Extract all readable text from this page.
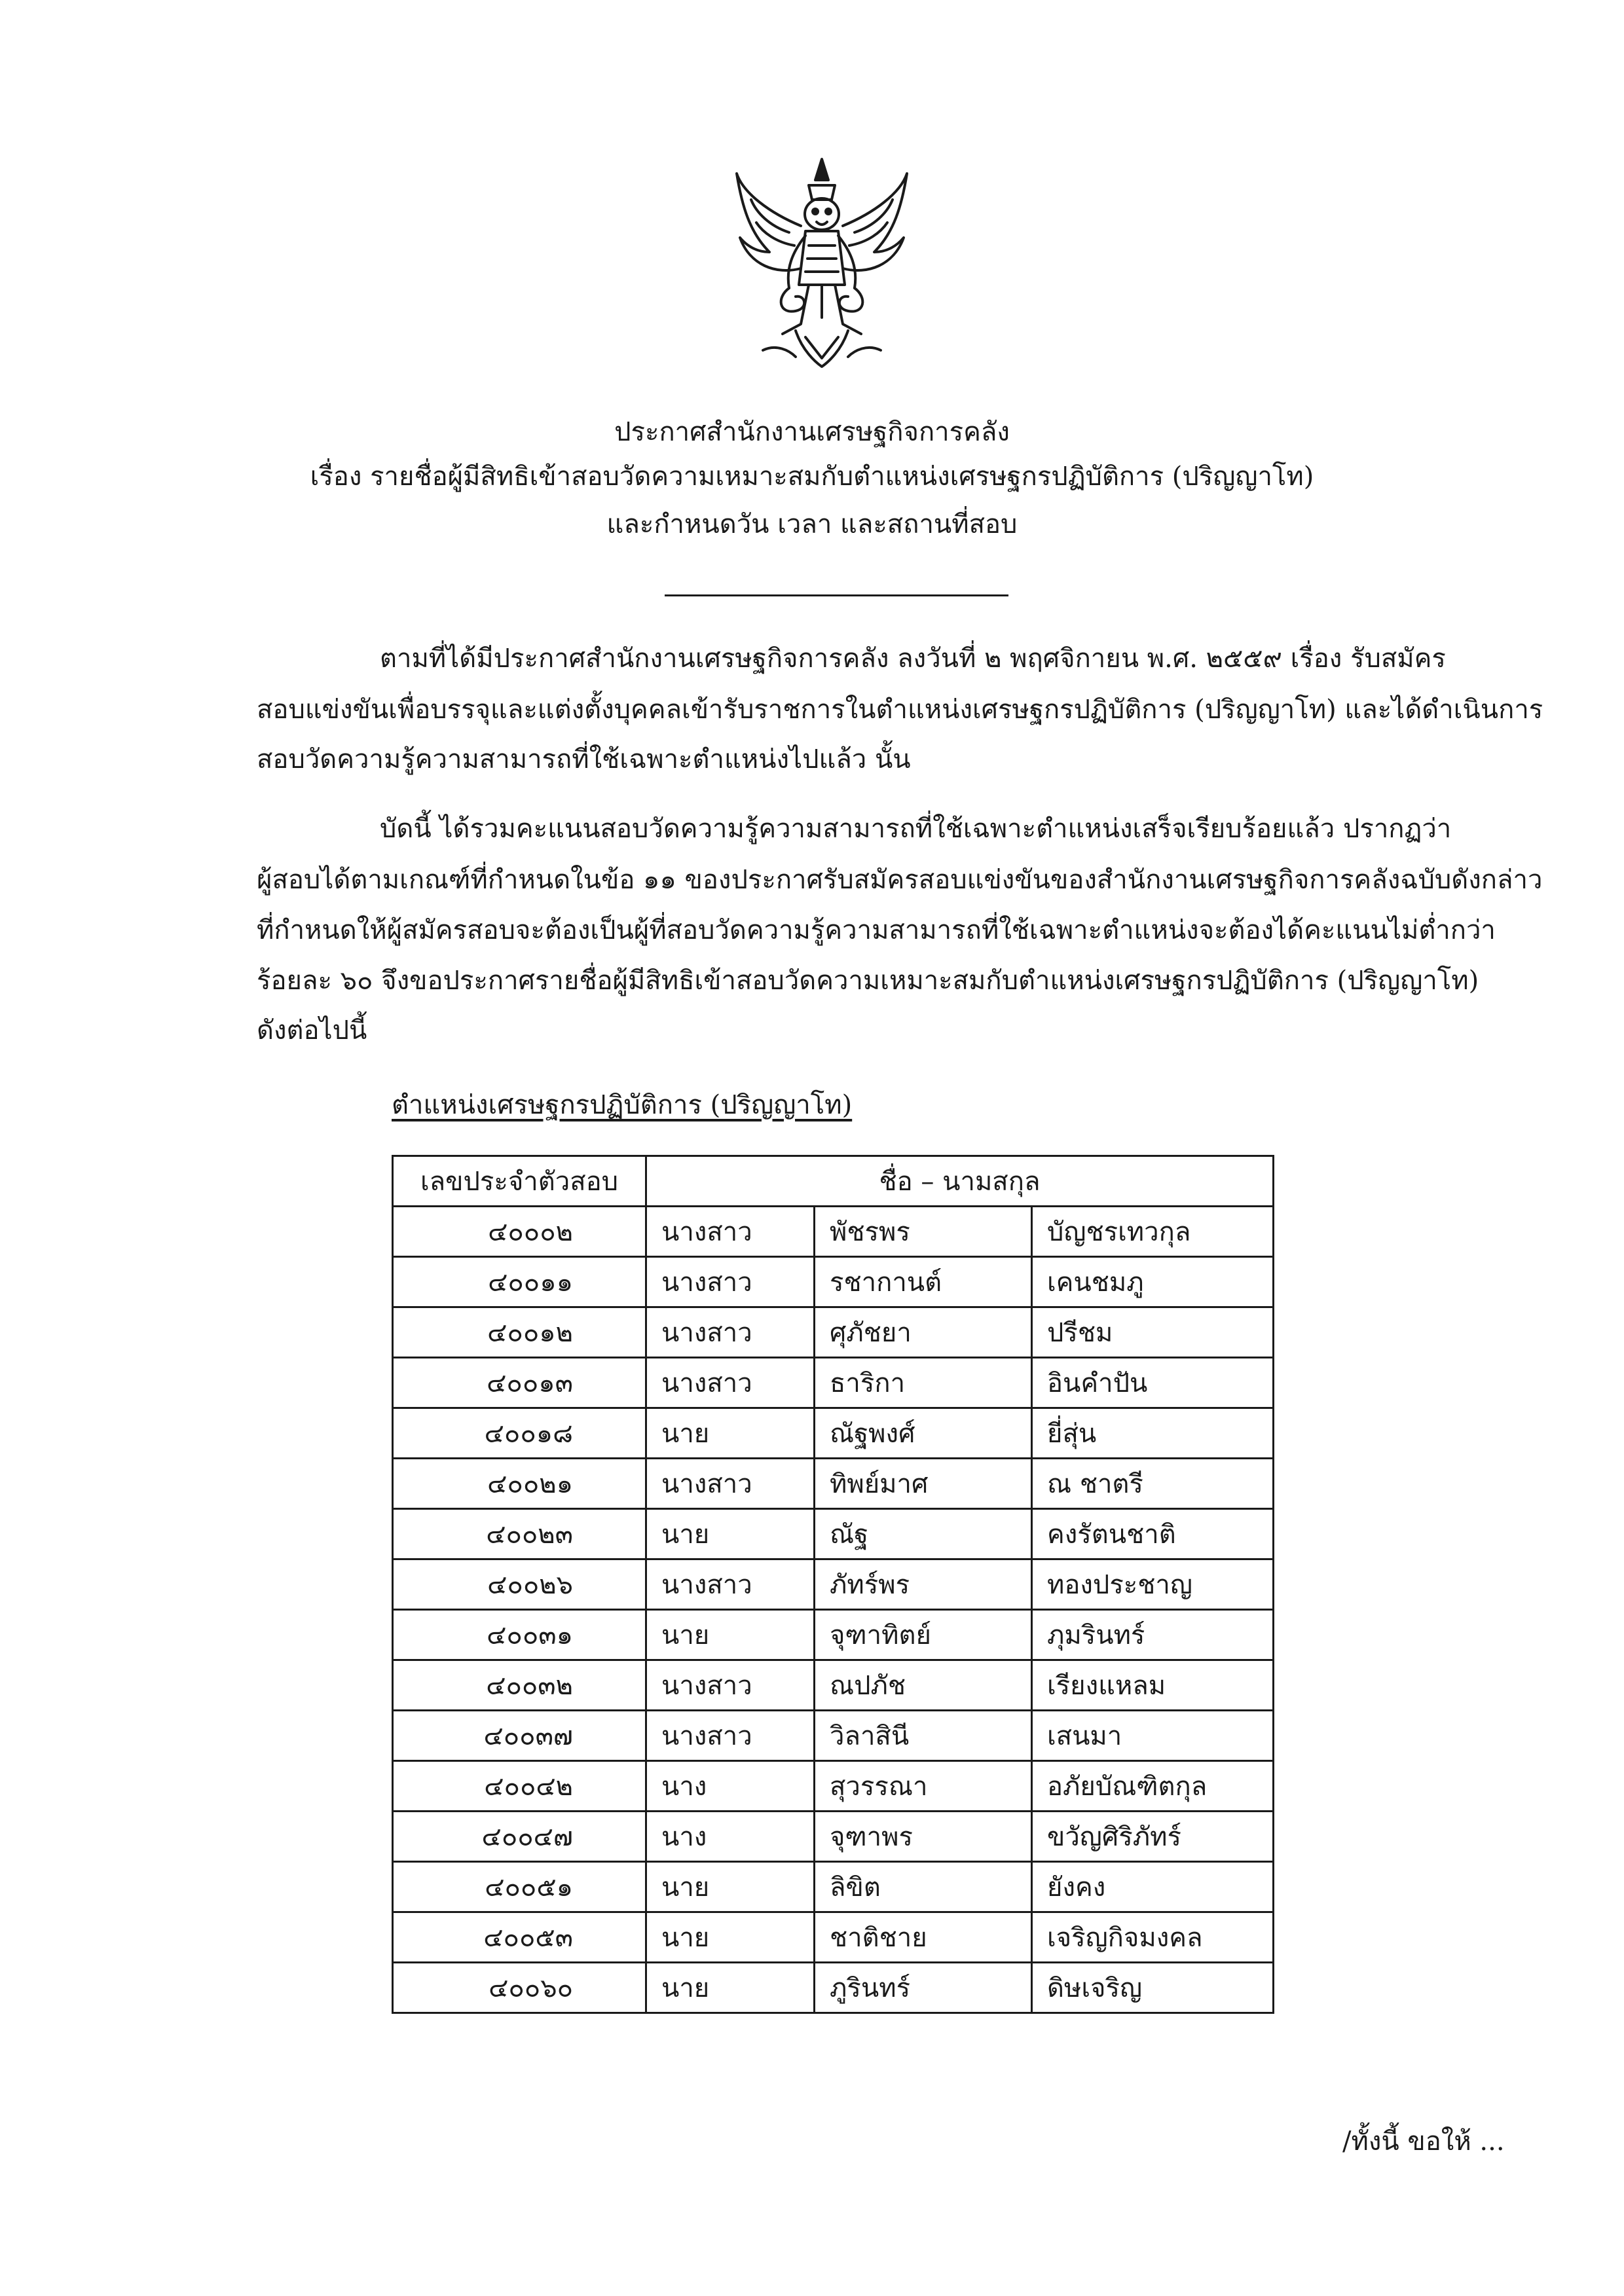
ประกาศสำนักงานเศรษฐกิจการคลัง
เรื่อง รายชื่อผู้มีสิทธิเข้าสอบวัดความเหมาะสมกับตำแหน่งเศรษฐกรปฏิบัติการ (ปริญญาโท)
และกำหนดวัน เวลา และสถานที่สอบ
ตามที่ได้มีประกาศสำนักงานเศรษฐกิจการคลัง ลงวันที่ ๒ พฤศจิกายน พ.ศ. ๒๕๕๙ เรื่อง รับสมัคร
สอบแข่งขันเพื่อบรรจุและแต่งตั้งบุคคลเข้ารับราชการในตำแหน่งเศรษฐกรปฏิบัติการ (ปริญญาโท) และได้ดำเนินการ
สอบวัดความรู้ความสามารถที่ใช้เฉพาะตำแหน่งไปแล้ว นั้น
บัดนี้ ได้รวมคะแนนสอบวัดความรู้ความสามารถที่ใช้เฉพาะตำแหน่งเสร็จเรียบร้อยแล้ว ปรากฏว่า
ผู้สอบได้ตามเกณฑ์ที่กำหนดในข้อ ๑๑ ของประกาศรับสมัครสอบแข่งขันของสำนักงานเศรษฐกิจการคลังฉบับดังกล่าว
ที่กำหนดให้ผู้สมัครสอบจะต้องเป็นผู้ที่สอบวัดความรู้ความสามารถที่ใช้เฉพาะตำแหน่งจะต้องได้คะแนนไม่ต่ำกว่า
ร้อยละ ๖๐ จึงขอประกาศรายชื่อผู้มีสิทธิเข้าสอบวัดความเหมาะสมกับตำแหน่งเศรษฐกรปฏิบัติการ (ปริญญาโท)
ดังต่อไปนี้
ตำแหน่งเศรษฐกรปฏิบัติการ (ปริญญาโท)
เลขประจำตัวสอบ	ชื่อ – นามสกุล		
๔๐๐๐๒	นางสาว	พัชรพร	บัญชรเทวกุล
๔๐๐๑๑	นางสาว	รชากานต์	เคนชมภู
๔๐๐๑๒	นางสาว	ศุภัชยา	ปรีชม
๔๐๐๑๓	นางสาว	ธาริกา	อินคำปัน
๔๐๐๑๘	นาย	ณัฐพงศ์	ยี่สุ่น
๔๐๐๒๑	นางสาว	ทิพย์มาศ	ณ ชาตรี
๔๐๐๒๓	นาย	ณัฐ	คงรัตนชาติ
๔๐๐๒๖	นางสาว	ภัทร์พร	ทองประชาญ
๔๐๐๓๑	นาย	จุฑาทิตย์	ภุมรินทร์
๔๐๐๓๒	นางสาว	ณปภัช	เรียงแหลม
๔๐๐๓๗	นางสาว	วิลาสินี	เสนมา
๔๐๐๔๒	นาง	สุวรรณา	อภัยบัณฑิตกุล
๔๐๐๔๗	นาง	จุฑาพร	ขวัญศิริภัทร์
๔๐๐๕๑	นาย	ลิขิต	ยังคง
๔๐๐๕๓	นาย	ชาติชาย	เจริญกิจมงคล
๔๐๐๖๐	นาย	ภูรินทร์	ดิษเจริญ
/ทั้งนี้ ขอให้ ...
